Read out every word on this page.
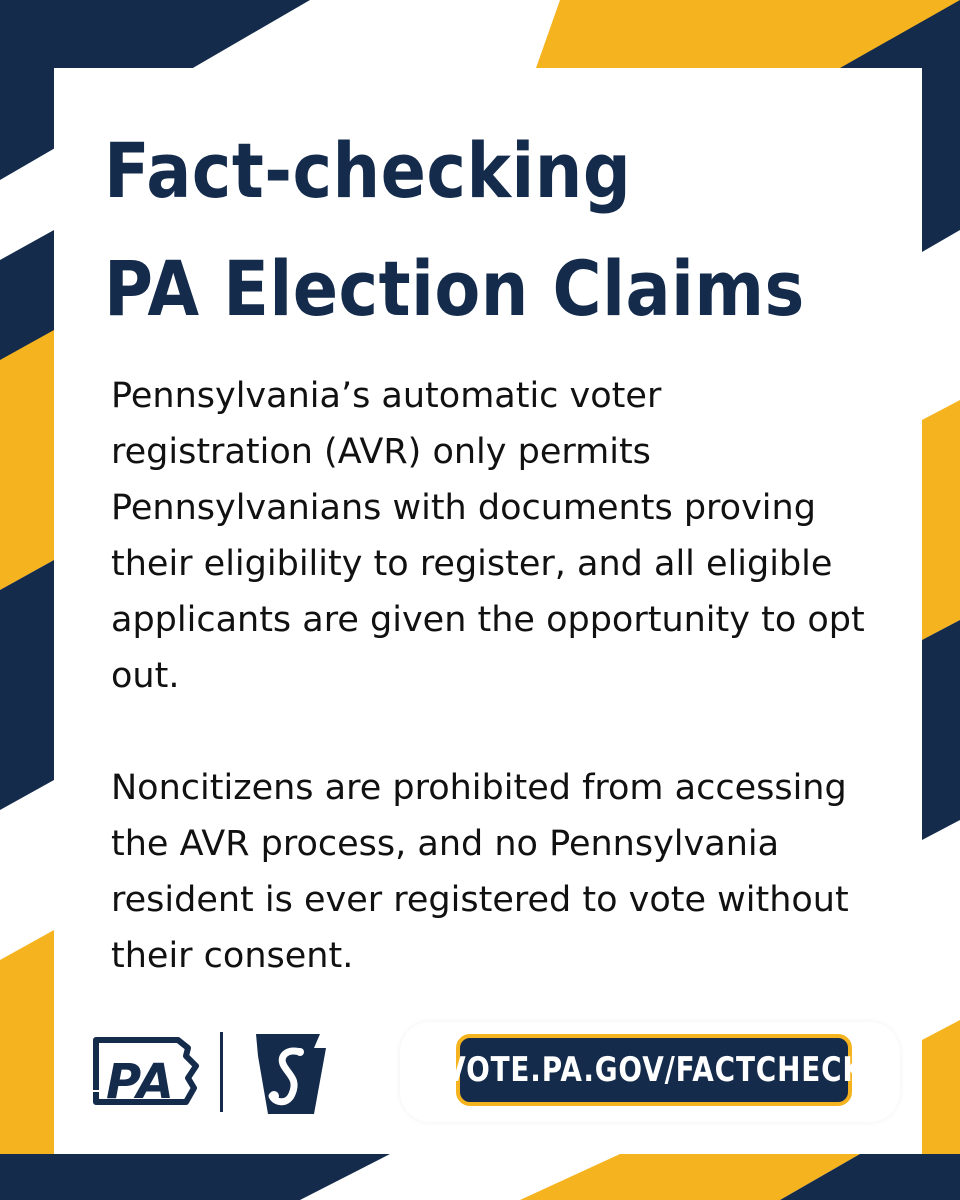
Fact-checking
PA Election Claims

Pennsylvania’s automatic voter registration (AVR) only permits Pennsylvanians with documents proving their eligibility to register, and all eligible applicants are given the opportunity to opt out.

Noncitizens are prohibited from accessing the AVR process, and no Pennsylvania resident is ever registered to vote without their consent.

PA	VOTE.PA.GOV/FACTCHECK
